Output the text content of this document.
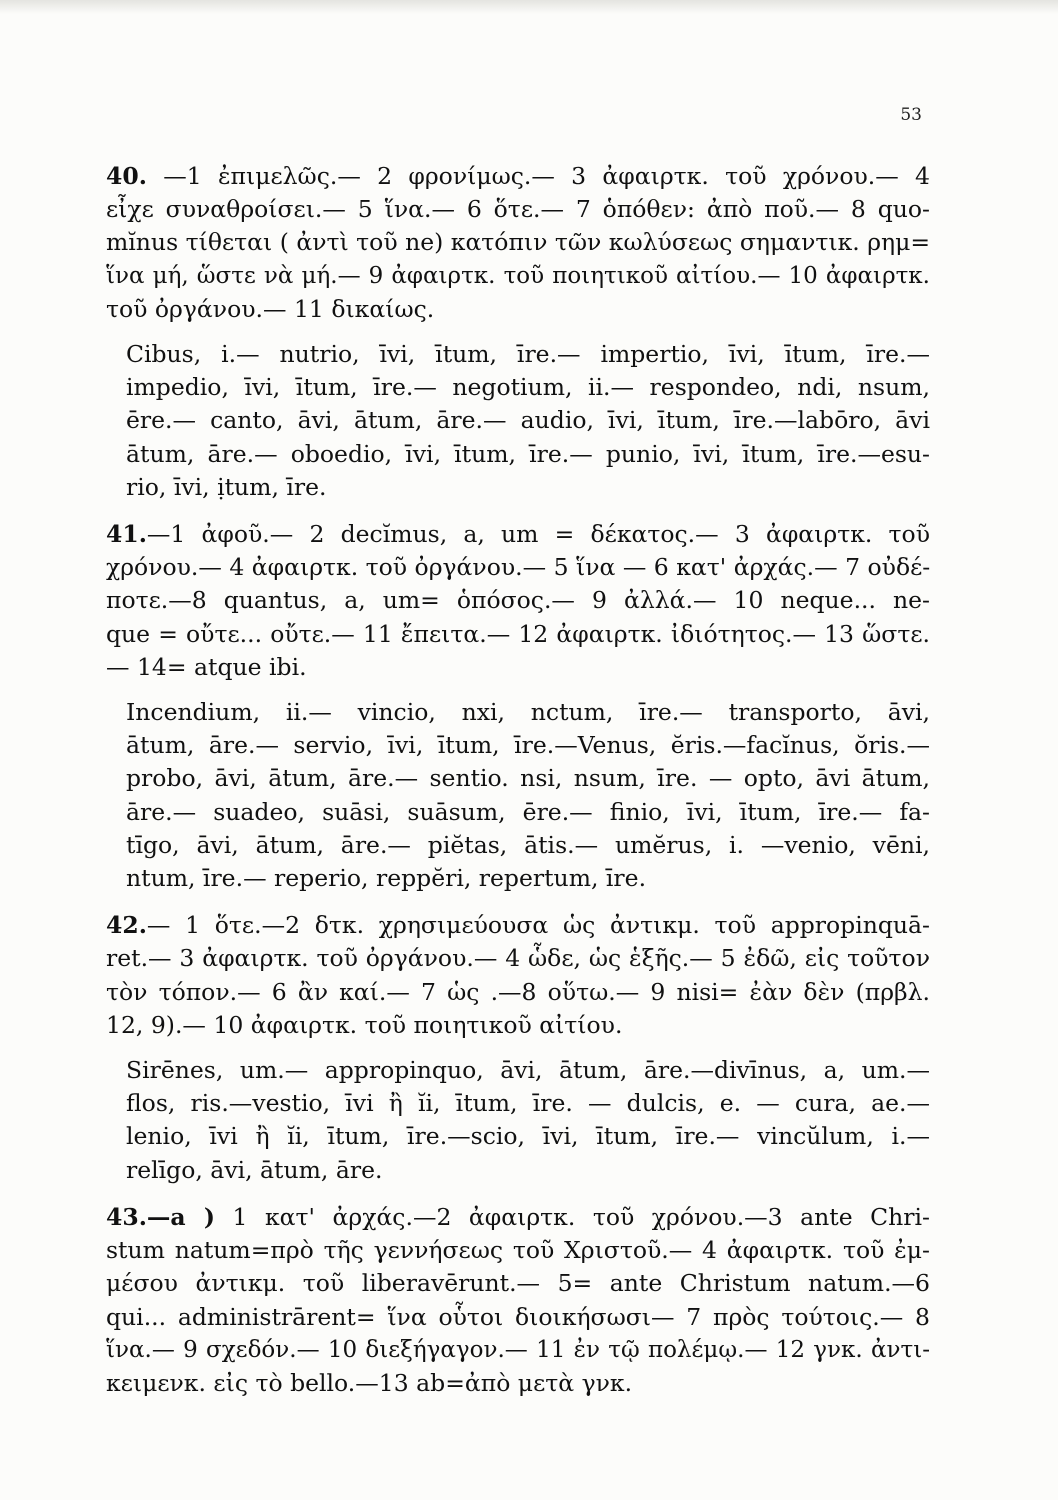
53
40. —1 ἐπιμελῶς.— 2 φρονίμως.— 3 ἀφαιρτκ. τοῦ χρόνου.— 4
εἶχε συναθροίσει.— 5 ἵνα.— 6 ὅτε.— 7 ὁπόθεν: ἀπὸ ποῦ.— 8 quo-
mĭnus τίθεται ( ἀντὶ τοῦ ne) κατόπιν τῶν κωλύσεως σημαντικ. ρημ=
ἵνα μή, ὥστε νὰ μή.— 9 ἀφαιρτκ. τοῦ ποιητικοῦ αἰτίου.— 10 ἀφαιρτκ.
τοῦ ὀργάνου.— 11 δικαίως.
Cibus, i.— nutrio, īvi, ītum, īre.— impertio, īvi, ītum, īre.—
impedio, īvi, ītum, īre.— negotium, ii.— respondeo, ndi, nsum,
ēre.— canto, āvi, ātum, āre.— audio, īvi, ītum, īre.—labōro, āvi
ātum, āre.— oboedio, īvi, ītum, īre.— punio, īvi, ītum, īre.—esu-
rio, īvi, ịtum, īre.
41.—1 ἀφοῦ.— 2 decĭmus, a, um = δέκατος.— 3 ἀφαιρτκ. τοῦ
χρόνου.— 4 ἀφαιρτκ. τοῦ ὀργάνου.— 5 ἵνα — 6 κατ' ἀρχάς.— 7 οὐδέ-
ποτε.—8 quantus, a, um= ὁπόσος.— 9 ἀλλά.— 10 neque... ne-
que = οὔτε... οὔτε.— 11 ἔπειτα.— 12 ἀφαιρτκ. ἰδιότητος.— 13 ὥστε.
— 14= atque ibi.
Incendium, ii.— vincio, nxi, nctum, īre.— transporto, āvi,
ātum, āre.— servio, īvi, ītum, īre.—Venus, ĕris.—facĭnus, ŏris.—
probo, āvi, ātum, āre.— sentio. nsi, nsum, īre. — opto, āvi ātum,
āre.— suadeo, suāsi, suāsum, ēre.— finio, īvi, ītum, īre.— fa-
tīgo, āvi, ātum, āre.— piĕtas, ātis.— umĕrus, i. —venio, vēni,
ntum, īre.— reperio, reppĕri, repertum, īre.
42.— 1 ὅτε.—2 δτκ. χρησιμεύουσα ὡς ἀντικμ. τοῦ appropinquā-
ret.— 3 ἀφαιρτκ. τοῦ ὀργάνου.— 4 ὧδε, ὡς ἑξῆς.— 5 ἐδῶ, εἰς τοῦτον
τὸν τόπον.— 6 ἂν καί.— 7 ὡς .—8 οὕτω.— 9 nisi= ἐὰν δὲν (πρβλ.
12, 9).— 10 ἀφαιρτκ. τοῦ ποιητικοῦ αἰτίου.
Sirēnes, um.— appropinquo, āvi, ātum, āre.—divīnus, a, um.—
flos, ris.—vestio, īvi ἢ ĭi, ītum, īre. — dulcis, e. — cura, ae.—
lenio, īvi ἢ ĭi, ītum, īre.—scio, īvi, ītum, īre.— vincŭlum, i.—
relīgo, āvi, ātum, āre.
43.—a ) 1 κατ' ἀρχάς.—2 ἀφαιρτκ. τοῦ χρόνου.—3 ante Chri-
stum natum=πρὸ τῆς γεννήσεως τοῦ Χριστοῦ.— 4 ἀφαιρτκ. τοῦ ἐμ-
μέσου ἀντικμ. τοῦ liberavērunt.— 5= ante Christum natum.—6
qui... administrārent= ἵνα οὗτοι διοικήσωσι— 7 πρὸς τούτοις.— 8
ἵνα.— 9 σχεδόν.— 10 διεξήγαγον.— 11 ἐν τῷ πολέμῳ.— 12 γνκ. ἀντι-
κειμενκ. εἰς τὸ bello.—13 ab=ἀπὸ μετὰ γνκ.
